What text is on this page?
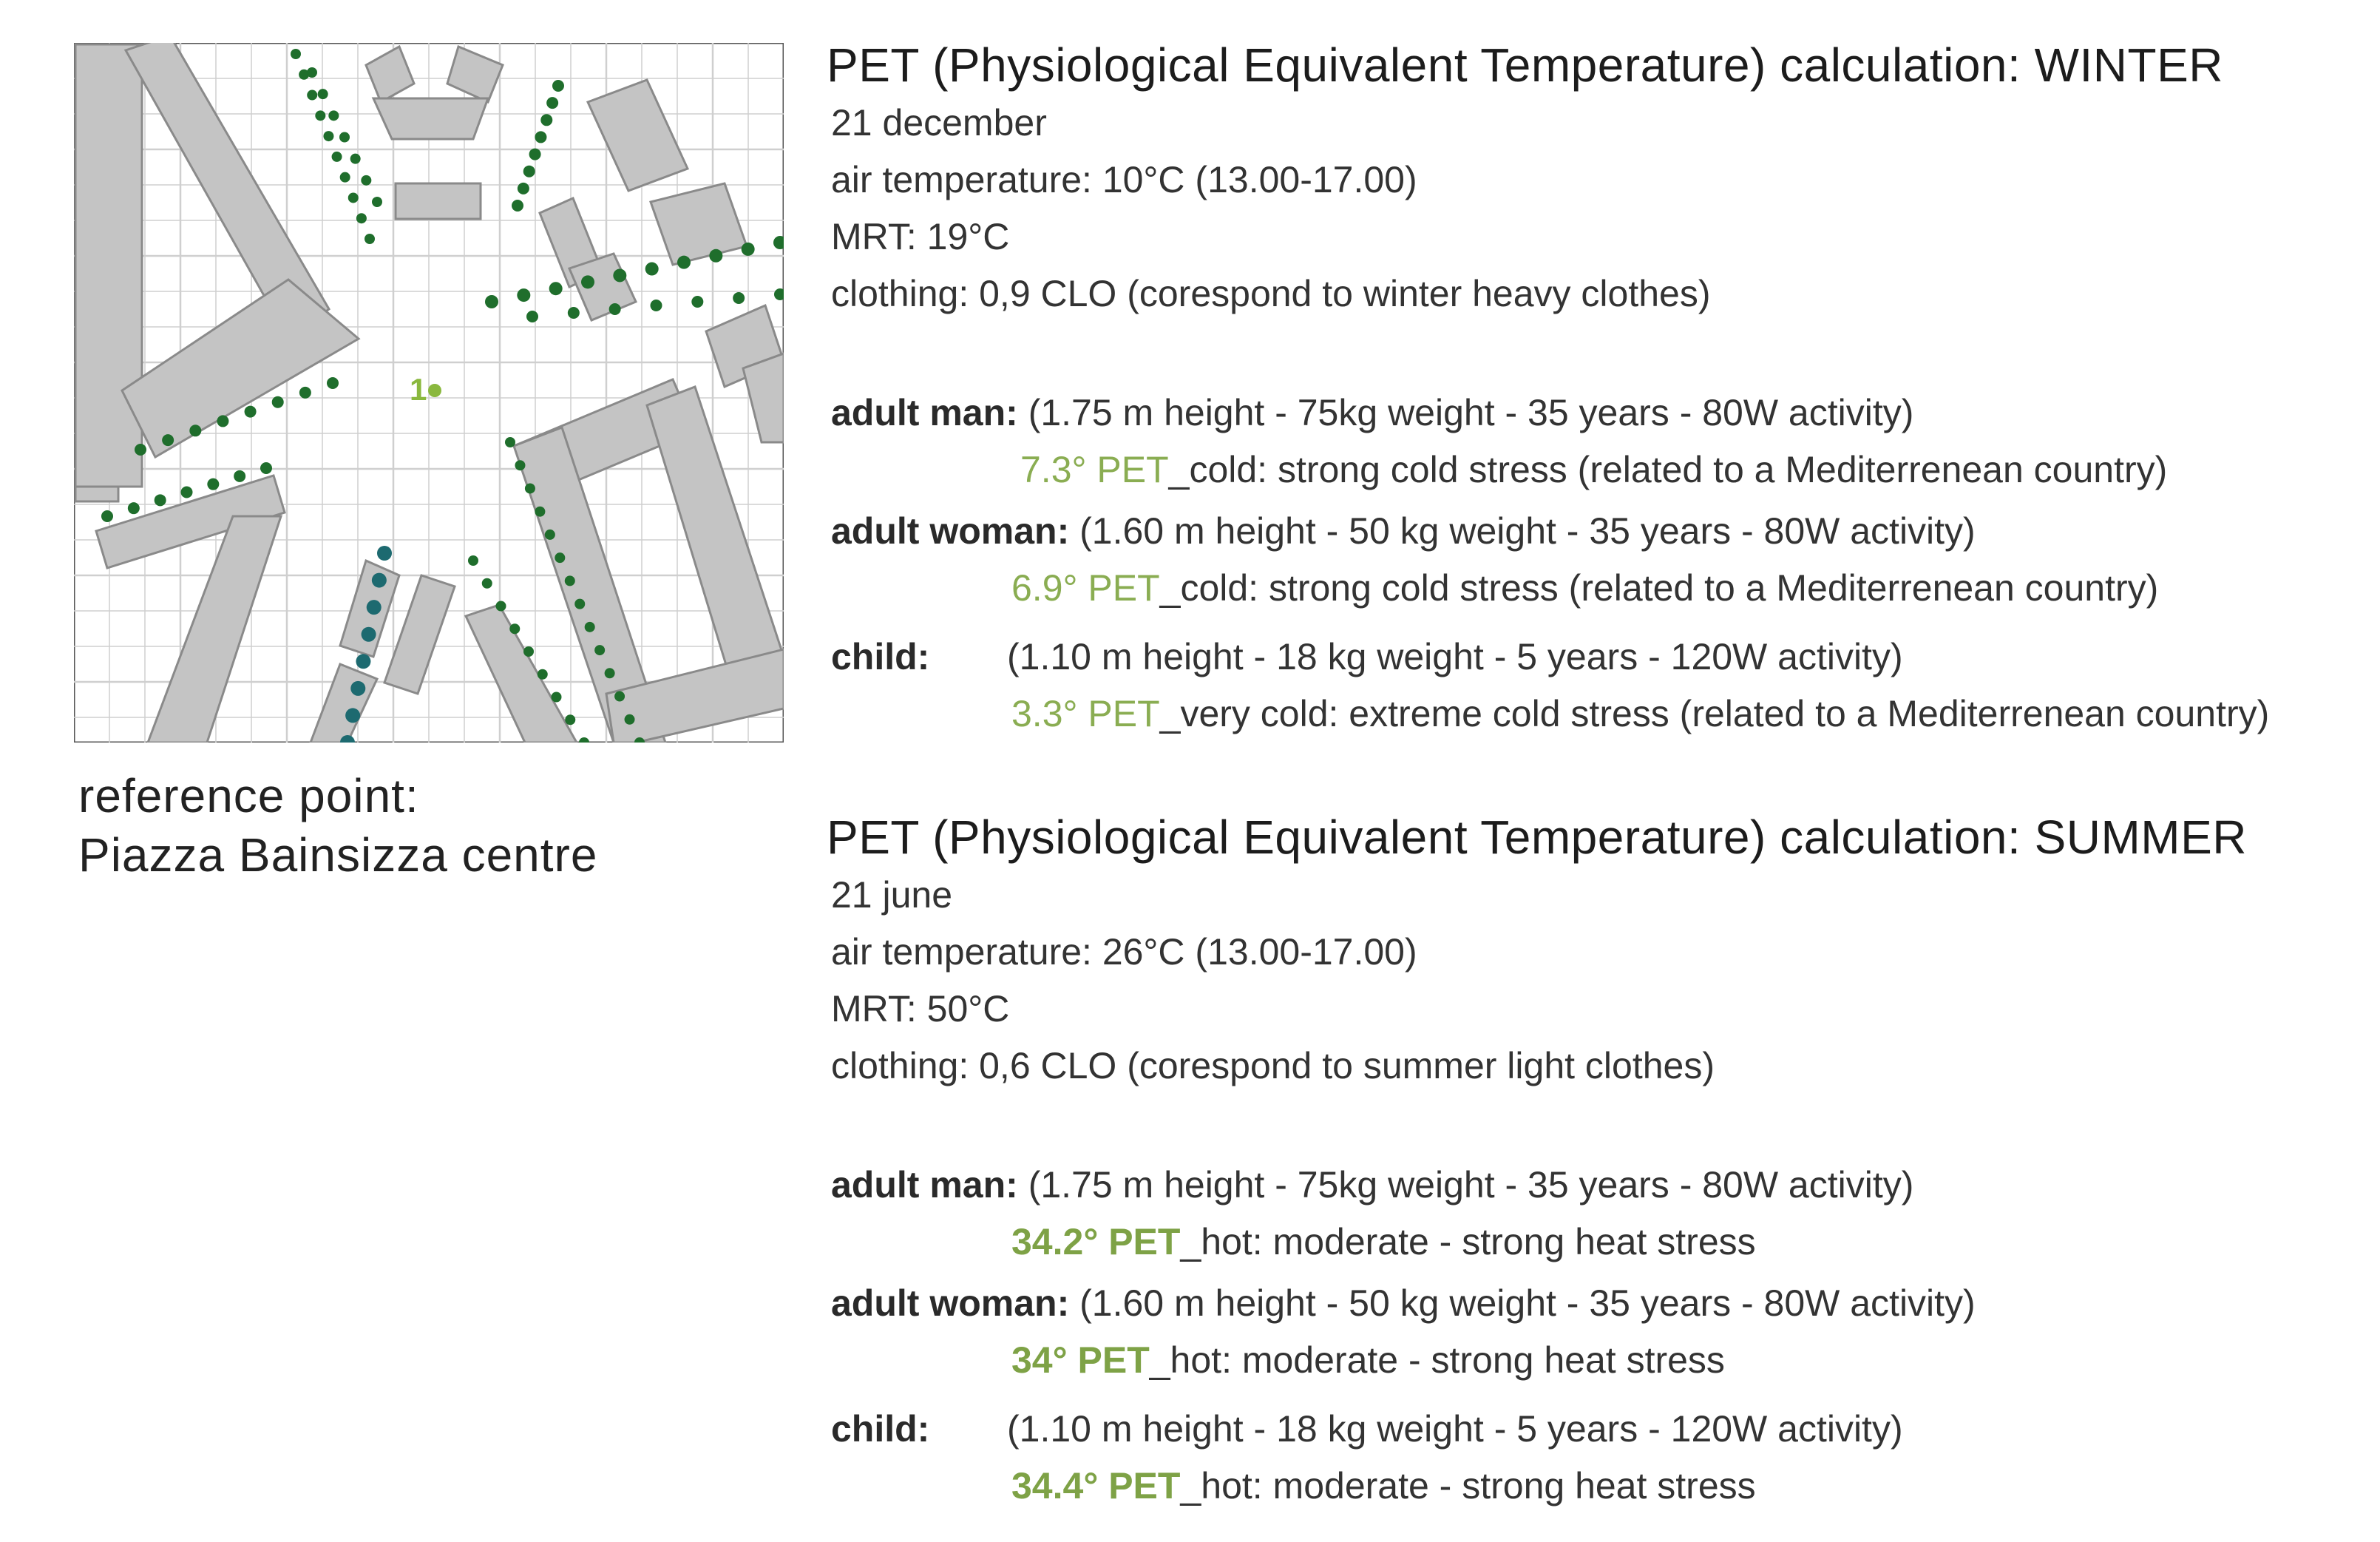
1
reference point:
Piazza Bainsizza centre
PET (Physiological Equivalent Temperature) calculation: WINTER
21 december
air temperature: 10°C (13.00-17.00)
MRT: 19°C
clothing: 0,9 CLO (corespond to winter heavy clothes)
adult man: (1.75 m height - 75kg weight - 35 years - 80W activity)
7.3° PET_cold: strong cold stress (related to a Mediterrenean country)
adult woman: (1.60 m height - 50 kg weight - 35 years - 80W activity)
6.9° PET_cold: strong cold stress (related to a Mediterrenean country)
child: (1.10 m height - 18 kg weight - 5 years - 120W activity)
3.3° PET_very cold: extreme cold stress (related to a Mediterrenean country)
PET (Physiological Equivalent Temperature) calculation: SUMMER
21 june
air temperature: 26°C (13.00-17.00)
MRT: 50°C
clothing: 0,6 CLO (corespond to summer light clothes)
adult man: (1.75 m height - 75kg weight - 35 years - 80W activity)
34.2° PET_hot: moderate - strong heat stress
adult woman: (1.60 m height - 50 kg weight - 35 years - 80W activity)
34° PET_hot: moderate - strong heat stress
child: (1.10 m height - 18 kg weight - 5 years - 120W activity)
34.4° PET_hot: moderate - strong heat stress
